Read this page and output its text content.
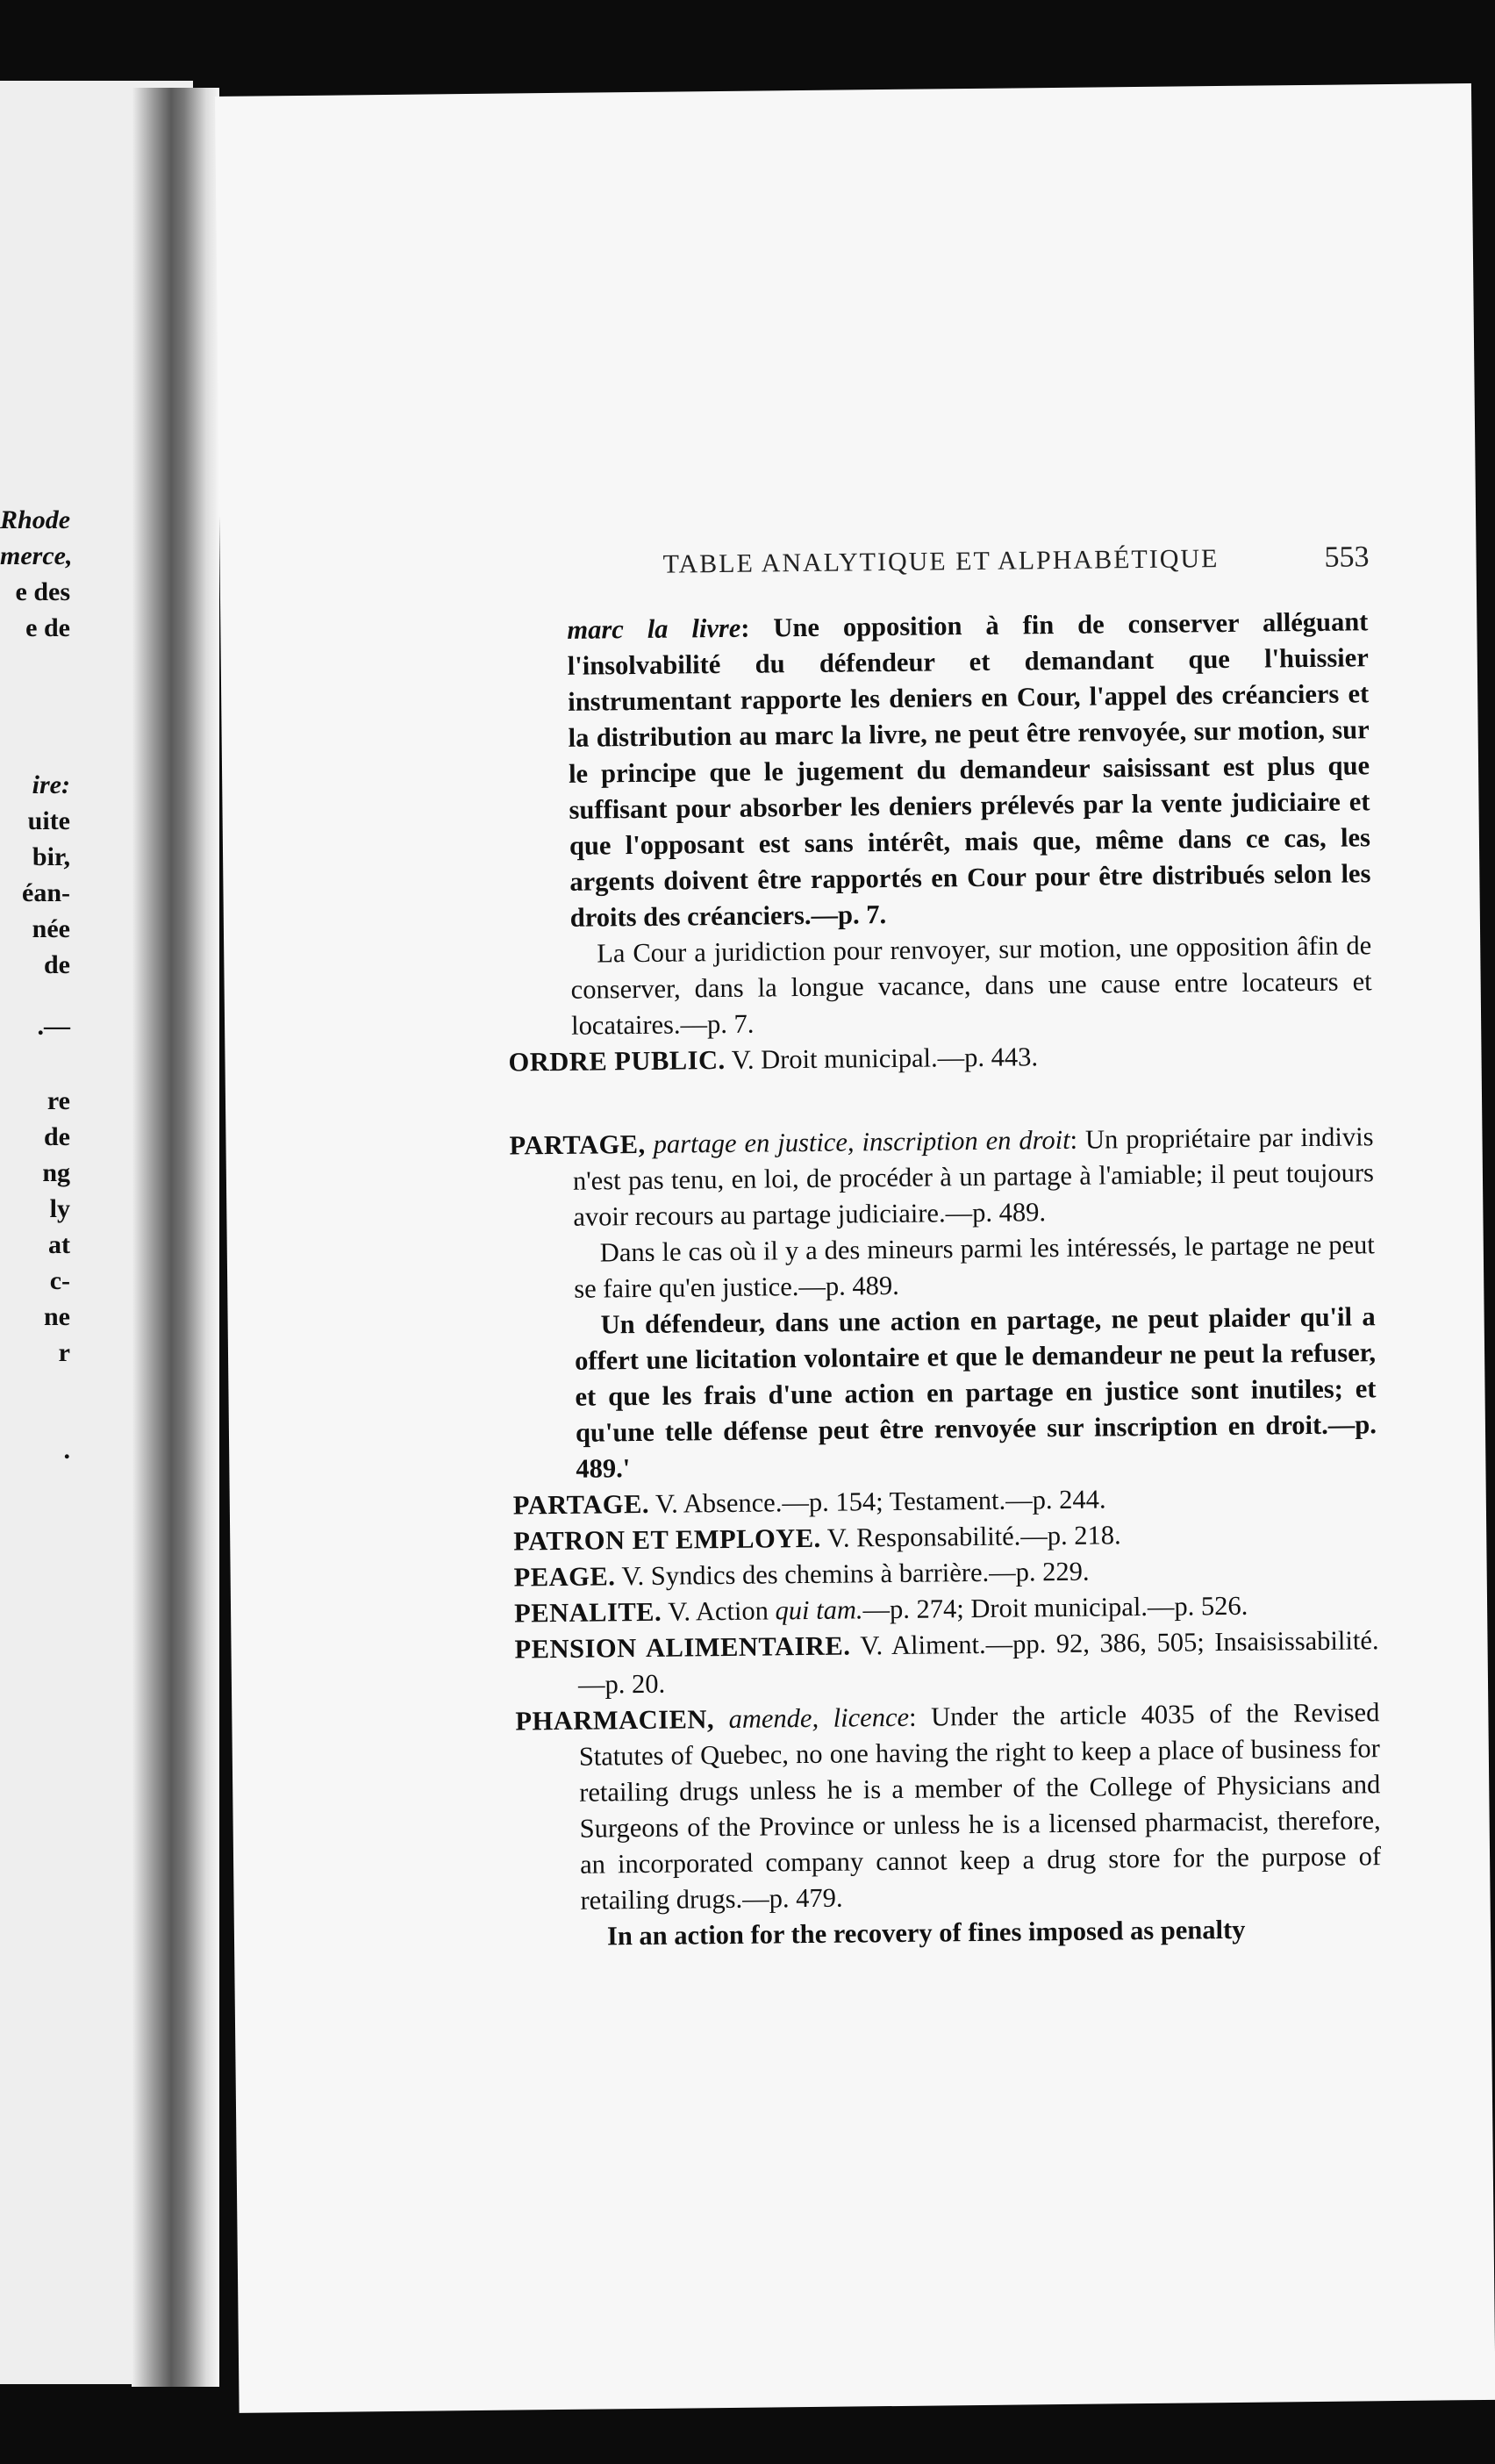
Rhode
merce,
e des
e de
ire:
uite
bir,
éan-
née
de
.—
re
de
ng
ly
at
c-
ne
r
.
TABLE ANALYTIQUE ET ALPHABÉTIQUE	553

marc la livre: Une opposition à fin de conserver alléguant l'insolvabilité du défendeur et demandant que l'huissier instrumentant rapporte les deniers en Cour, l'appel des créanciers et la distribution au marc la livre, ne peut être renvoyée, sur motion, sur le principe que le jugement du demandeur saisissant est plus que suffisant pour absorber les deniers prélevés par la vente judiciaire et que l'opposant est sans intérêt, mais que, même dans ce cas, les argents doivent être rapportés en Cour pour être distribués selon les droits des créanciers.—p. 7.

La Cour a juridiction pour renvoyer, sur motion, une opposition âfin de conserver, dans la longue vacance, dans une cause entre locateurs et locataires.—p. 7.

ORDRE PUBLIC. V. Droit municipal.—p. 443.

PARTAGE, partage en justice, inscription en droit: Un propriétaire par indivis n'est pas tenu, en loi, de procéder à un partage à l'amiable; il peut toujours avoir recours au partage judiciaire.—p. 489.

Dans le cas où il y a des mineurs parmi les intéressés, le partage ne peut se faire qu'en justice.—p. 489.

Un défendeur, dans une action en partage, ne peut plaider qu'il a offert une licitation volontaire et que le demandeur ne peut la refuser, et que les frais d'une action en partage en justice sont inutiles; et qu'une telle défense peut être renvoyée sur inscription en droit.—p. 489.'

PARTAGE. V. Absence.—p. 154; Testament.—p. 244.

PATRON ET EMPLOYE. V. Responsabilité.—p. 218.

PEAGE. V. Syndics des chemins à barrière.—p. 229.

PENALITE. V. Action qui tam.—p. 274; Droit municipal.—p. 526.

PENSION ALIMENTAIRE. V. Aliment.—pp. 92, 386, 505; Insaisissabilité.—p. 20.

PHARMACIEN, amende, licence: Under the article 4035 of the Revised Statutes of Quebec, no one having the right to keep a place of business for retailing drugs unless he is a member of the College of Physicians and Surgeons of the Province or unless he is a licensed pharmacist, therefore, an incorporated company cannot keep a drug store for the purpose of retailing drugs.—p. 479.

In an action for the recovery of fines imposed as penalty
